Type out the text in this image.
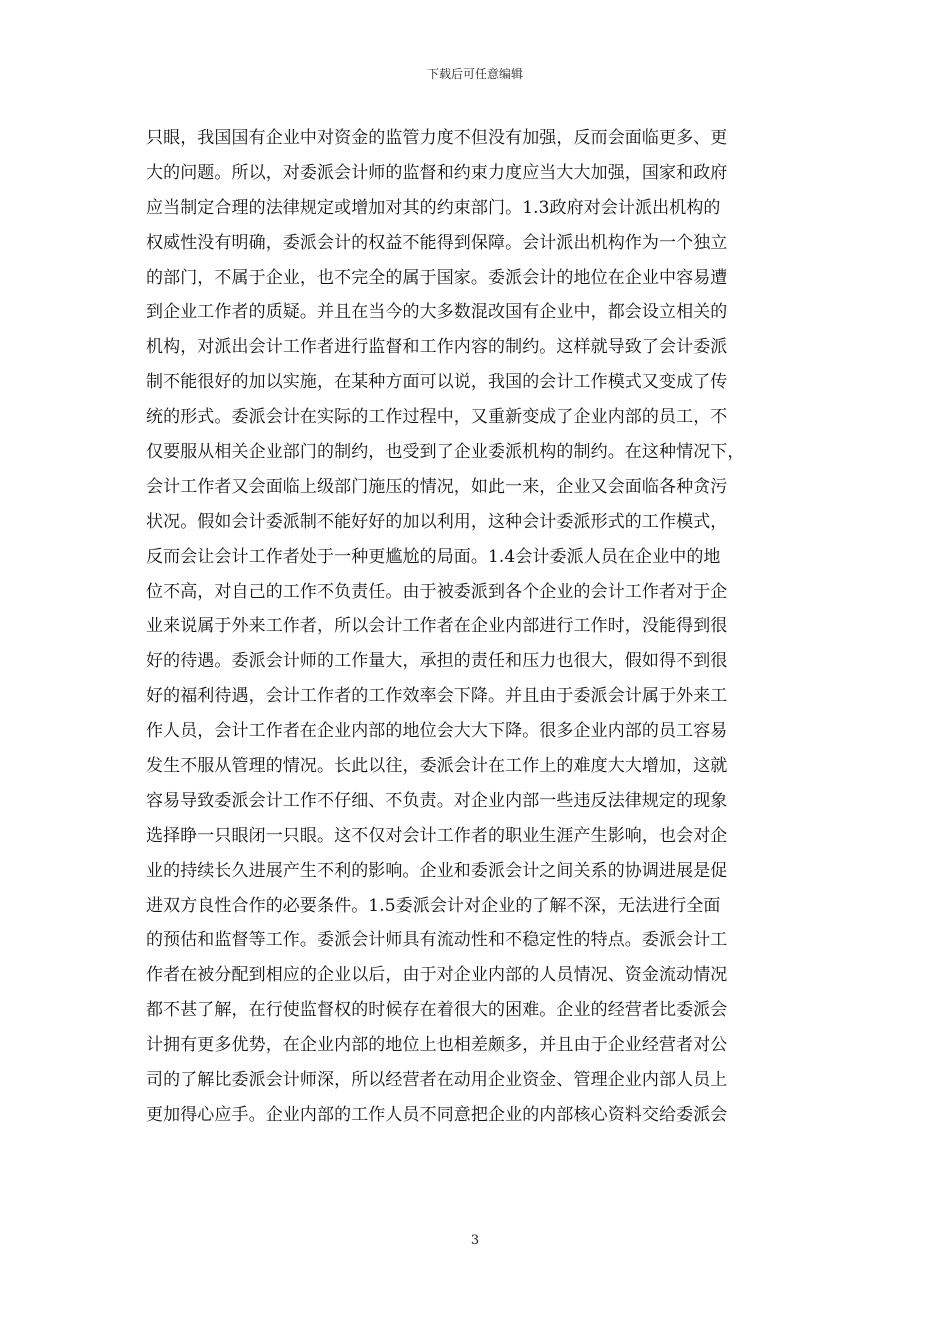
下载后可任意编辑
只眼，我国国有企业中对资金的监管力度不但没有加强，反而会面临更多、更
大的问题。所以，对委派会计师的监督和约束力度应当大大加强，国家和政府
应当制定合理的法律规定或增加对其的约束部门。1.3政府对会计派出机构的
权威性没有明确，委派会计的权益不能得到保障。会计派出机构作为一个独立
的部门，不属于企业，也不完全的属于国家。委派会计的地位在企业中容易遭
到企业工作者的质疑。并且在当今的大多数混改国有企业中，都会设立相关的
机构，对派出会计工作者进行监督和工作内容的制约。这样就导致了会计委派
制不能很好的加以实施，在某种方面可以说，我国的会计工作模式又变成了传
统的形式。委派会计在实际的工作过程中，又重新变成了企业内部的员工，不
仅要服从相关企业部门的制约，也受到了企业委派机构的制约。在这种情况下，
会计工作者又会面临上级部门施压的情况，如此一来，企业又会面临各种贪污
状况。假如会计委派制不能好好的加以利用，这种会计委派形式的工作模式，
反而会让会计工作者处于一种更尴尬的局面。1.4会计委派人员在企业中的地
位不高，对自己的工作不负责任。由于被委派到各个企业的会计工作者对于企
业来说属于外来工作者，所以会计工作者在企业内部进行工作时，没能得到很
好的待遇。委派会计师的工作量大，承担的责任和压力也很大，假如得不到很
好的福利待遇，会计工作者的工作效率会下降。并且由于委派会计属于外来工
作人员，会计工作者在企业内部的地位会大大下降。很多企业内部的员工容易
发生不服从管理的情况。长此以往，委派会计在工作上的难度大大增加，这就
容易导致委派会计工作不仔细、不负责。对企业内部一些违反法律规定的现象
选择睁一只眼闭一只眼。这不仅对会计工作者的职业生涯产生影响，也会对企
业的持续长久进展产生不利的影响。企业和委派会计之间关系的协调进展是促
进双方良性合作的必要条件。1.5委派会计对企业的了解不深，无法进行全面
的预估和监督等工作。委派会计师具有流动性和不稳定性的特点。委派会计工
作者在被分配到相应的企业以后，由于对企业内部的人员情况、资金流动情况
都不甚了解，在行使监督权的时候存在着很大的困难。企业的经营者比委派会
计拥有更多优势，在企业内部的地位上也相差颇多，并且由于企业经营者对公
司的了解比委派会计师深，所以经营者在动用企业资金、管理企业内部人员上
更加得心应手。企业内部的工作人员不同意把企业的内部核心资料交给委派会
3
